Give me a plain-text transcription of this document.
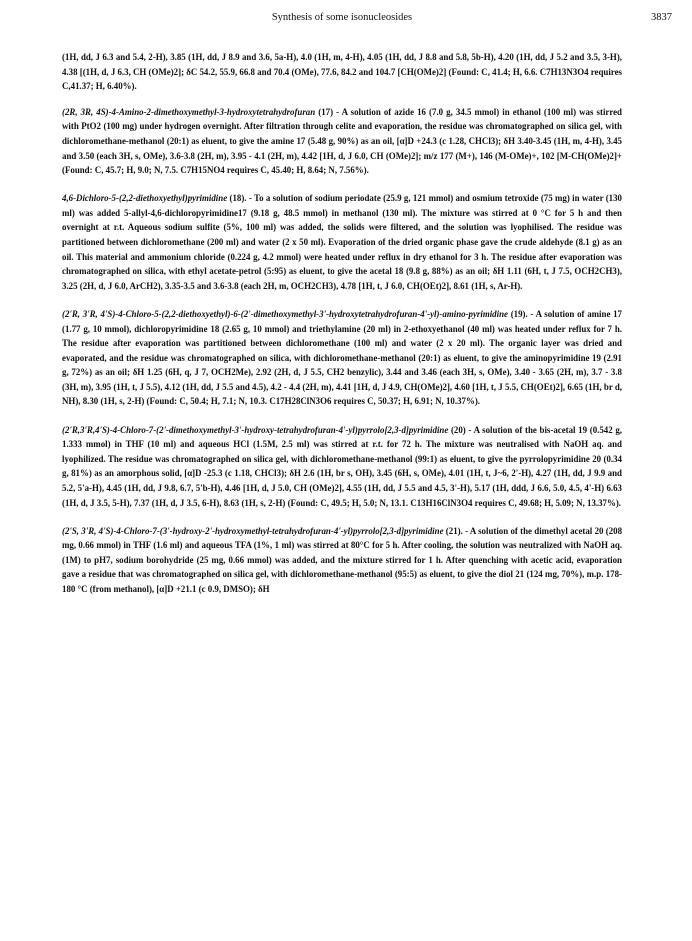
Synthesis of some isonucleosides	3837

(1H, dd, J 6.3 and 5.4, 2-H), 3.85 (1H, dd, J 8.9 and 3.6, 5a-H), 4.0 (1H, m, 4-H), 4.05 (1H, dd, J 8.8 and 5.8, 5b-H), 4.20 (1H, dd, J 5.2 and 3.5, 3-H), 4.38 [(1H, d, J 6.3, CH (OMe)2]; δC 54.2, 55.9, 66.8 and 70.4 (OMe), 77.6, 84.2 and 104.7 [CH(OMe)2] (Found: C, 41.4; H, 6.6. C7H13N3O4 requires C,41.37; H, 6.40%).

(2R, 3R, 4S)-4-Amino-2-dimethoxymethyl-3-hydroxytetrahydrofuran (17) - A solution of azide 16 (7.0 g, 34.5 mmol) in ethanol (100 ml) was stirred with PtO2 (100 mg) under hydrogen overnight. After filtration through celite and evaporation, the residue was chromatographed on silica gel, with dichloromethane-methanol (20:1) as eluent, to give the amine 17 (5.48 g, 90%) as an oil, [α]D +24.3 (c 1.28, CHCl3); δH 3.40-3.45 (1H, m, 4-H), 3.45 and 3.50 (each 3H, s, OMe), 3.6-3.8 (2H, m), 3.95 - 4.1 (2H, m), 4.42 [1H, d, J 6.0, CH (OMe)2]; m/z 177 (M+), 146 (M-OMe)+, 102 [M-CH(OMe)2]+ (Found: C, 45.7; H, 9.0; N, 7.5. C7H15NO4 requires C, 45.40; H, 8.64; N, 7.56%).

4,6-Dichloro-5-(2,2-diethoxyethyl)pyrimidine (18). - To a solution of sodium periodate (25.9 g, 121 mmol) and osmium tetroxide (75 mg) in water (130 ml) was added 5-allyl-4,6-dichloropyrimidine17 (9.18 g, 48.5 mmol) in methanol (130 ml). The mixture was stirred at 0 °C for 5 h and then overnight at r.t. Aqueous sodium sulfite (5%, 100 ml) was added, the solids were filtered, and the solution was lyophilised. The residue was partitioned between dichloromethane (200 ml) and water (2 x 50 ml). Evaporation of the dried organic phase gave the crude aldehyde (8.1 g) as an oil. This material and ammonium chloride (0.224 g, 4.2 mmol) were heated under reflux in dry ethanol for 3 h. The residue after evaporation was chromatographed on silica, with ethyl acetate-petrol (5:95) as eluent, to give the acetal 18 (9.8 g, 88%) as an oil; δH 1.11 (6H, t, J 7.5, OCH2CH3), 3.25 (2H, d, J 6.0, ArCH2), 3.35-3.5 and 3.6-3.8 (each 2H, m, OCH2CH3), 4.78 [1H, t, J 6.0, CH(OEt)2], 8.61 (1H, s, Ar-H).

(2'R, 3'R, 4'S)-4-Chloro-5-(2,2-diethoxyethyl)-6-(2'-dimethoxymethyl-3'-hydroxytetrahydrofuran-4'-yl)-amino-pyrimidine (19). - A solution of amine 17 (1.77 g, 10 mmol), dichloropyrimidine 18 (2.65 g, 10 mmol) and triethylamine (20 ml) in 2-ethoxyethanol (40 ml) was heated under reflux for 7 h. The residue after evaporation was partitioned between dichloromethane (100 ml) and water (2 x 20 ml). The organic layer was dried and evaporated, and the residue was chromatographed on silica, with dichloromethane-methanol (20:1) as eluent, to give the aminopyrimidine 19 (2.91 g, 72%) as an oil; δH 1.25 (6H, q, J 7, OCH2Me), 2.92 (2H, d, J 5.5, CH2 benzylic), 3.44 and 3.46 (each 3H, s, OMe), 3.40 - 3.65 (2H, m), 3.7 - 3.8 (3H, m), 3.95 (1H, t, J 5.5), 4.12 (1H, dd, J 5.5 and 4.5), 4.2 - 4.4 (2H, m), 4.41 [1H, d, J 4.9, CH(OMe)2], 4.60 [1H, t, J 5.5, CH(OEt)2], 6.65 (1H, br d, NH), 8.30 (1H, s, 2-H) (Found: C, 50.4; H, 7.1; N, 10.3. C17H28ClN3O6 requires C, 50.37; H, 6.91; N, 10.37%).

(2'R,3'R,4'S)-4-Chloro-7-(2'-dimethoxymethyl-3'-hydroxy-tetrahydrofuran-4'-yl)pyrrolo[2,3-d]pyrimidine (20) - A solution of the bis-acetal 19 (0.542 g, 1.333 mmol) in THF (10 ml) and aqueous HCl (1.5M, 2.5 ml) was stirred at r.t. for 72 h. The mixture was neutralised with NaOH aq. and lyophilized. The residue was chromatographed on silica gel, with dichloromethane-methanol (99:1) as eluent, to give the pyrrolopyrimidine 20 (0.34 g, 81%) as an amorphous solid, [α]D -25.3 (c 1.18, CHCl3); δH 2.6 (1H, br s, OH), 3.45 (6H, s, OMe), 4.01 (1H, t, J~6, 2'-H), 4.27 (1H, dd, J 9.9 and 5.2, 5'a-H), 4.45 (1H, dd, J 9.8, 6.7, 5'b-H), 4.46 [1H, d, J 5.0, CH (OMe)2], 4.55 (1H, dd, J 5.5 and 4.5, 3'-H), 5.17 (1H, ddd, J 6.6, 5.0, 4.5, 4'-H) 6.63 (1H, d, J 3.5, 5-H), 7.37 (1H, d, J 3.5, 6-H), 8.63 (1H, s, 2-H) (Found: C, 49.5; H, 5.0; N, 13.1. C13H16ClN3O4 requires C, 49.68; H, 5.09; N, 13.37%).

(2'S, 3'R, 4'S)-4-Chloro-7-(3'-hydroxy-2'-hydroxymethyl-tetrahydrofuran-4'-yl)pyrrolo[2,3-d]pyrimidine (21). - A solution of the dimethyl acetal 20 (208 mg, 0.66 mmol) in THF (1.6 ml) and aqueous TFA (1%, 1 ml) was stirred at 80°C for 5 h. After cooling, the solution was neutralized with NaOH aq. (1M) to pH7, sodium borohydride (25 mg, 0.66 mmol) was added, and the mixture stirred for 1 h. After quenching with acetic acid, evaporation gave a residue that was chromatographed on silica gel, with dichloromethane-methanol (95:5) as eluent, to give the diol 21 (124 mg, 70%), m.p. 178-180 °C (from methanol), [α]D +21.1 (c 0.9, DMSO); δH
